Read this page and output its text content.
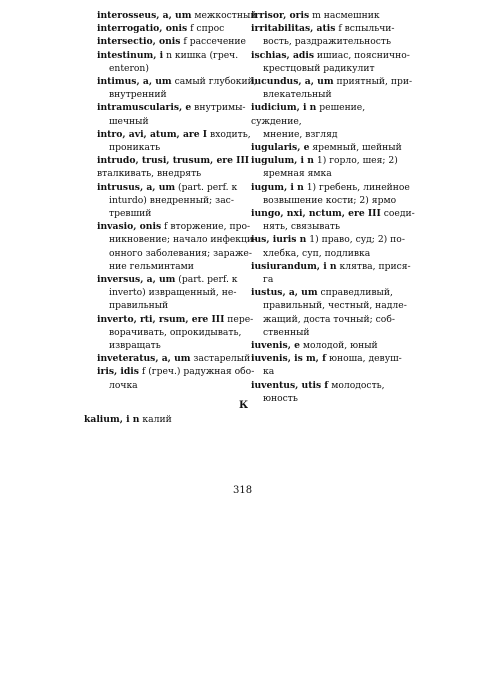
interosseus, a, um межкостный
interrogatio, onis f спрос
intersectio, onis f рассечение
intestinum, i n кишка (греч.
enteron)
intimus, a, um самый глубокий,
внутренний
intramuscularis, e внутримы-
шечный
intro, avi, atum, are I входить,
проникать
intrudo, trusi, trusum, ere III вталкивать, внедрять
intrusus, a, um (part. perf. к
inturdo) внедренный; зас-
тревший
invasio, onis f вторжение, про-
никновение; начало инфекци-
онного заболевания; зараже-
ние гельминтами
inversus, a, um (part. perf. к
inverto) извращенный, не-
правильный
inverto, rti, rsum, ere III пере-
ворачивать, опрокидывать,
извращать
inveteratus, a, um застарелый
iris, idis f (греч.) радужная обо-
лочка
irrisor, oris m насмешник
irritabilitas, atis f вспыльчи-
вость, раздражительность
ischias, adis ишиас, пояснично-
крестцовый радикулит
iucundus, a, um приятный, при-
влекательный
iudicium, i n решение, суждение,
мнение, взгляд
iugularis, e яремный, шейный
iugulum, i n 1) горло, шея; 2)
яремная ямка
iugum, i n 1) гребень, линейное
возвышение кости; 2) ярмо
iungo, nxi, nctum, ere III соеди-
нять, связывать
ius, iuris n 1) право, суд; 2) по-
хлебка, суп, подливка
iusiurandum, i n клятва, прися-
га
iustus, a, um справедливый,
правильный, честный, надле-
жащий, доста точный; соб-
ственный
iuvenis, e молодой, юный
iuvenis, is m, f юноша, девуш-
ка
iuventus, utis f молодость,
юность
К
kalium, i n калий
318
